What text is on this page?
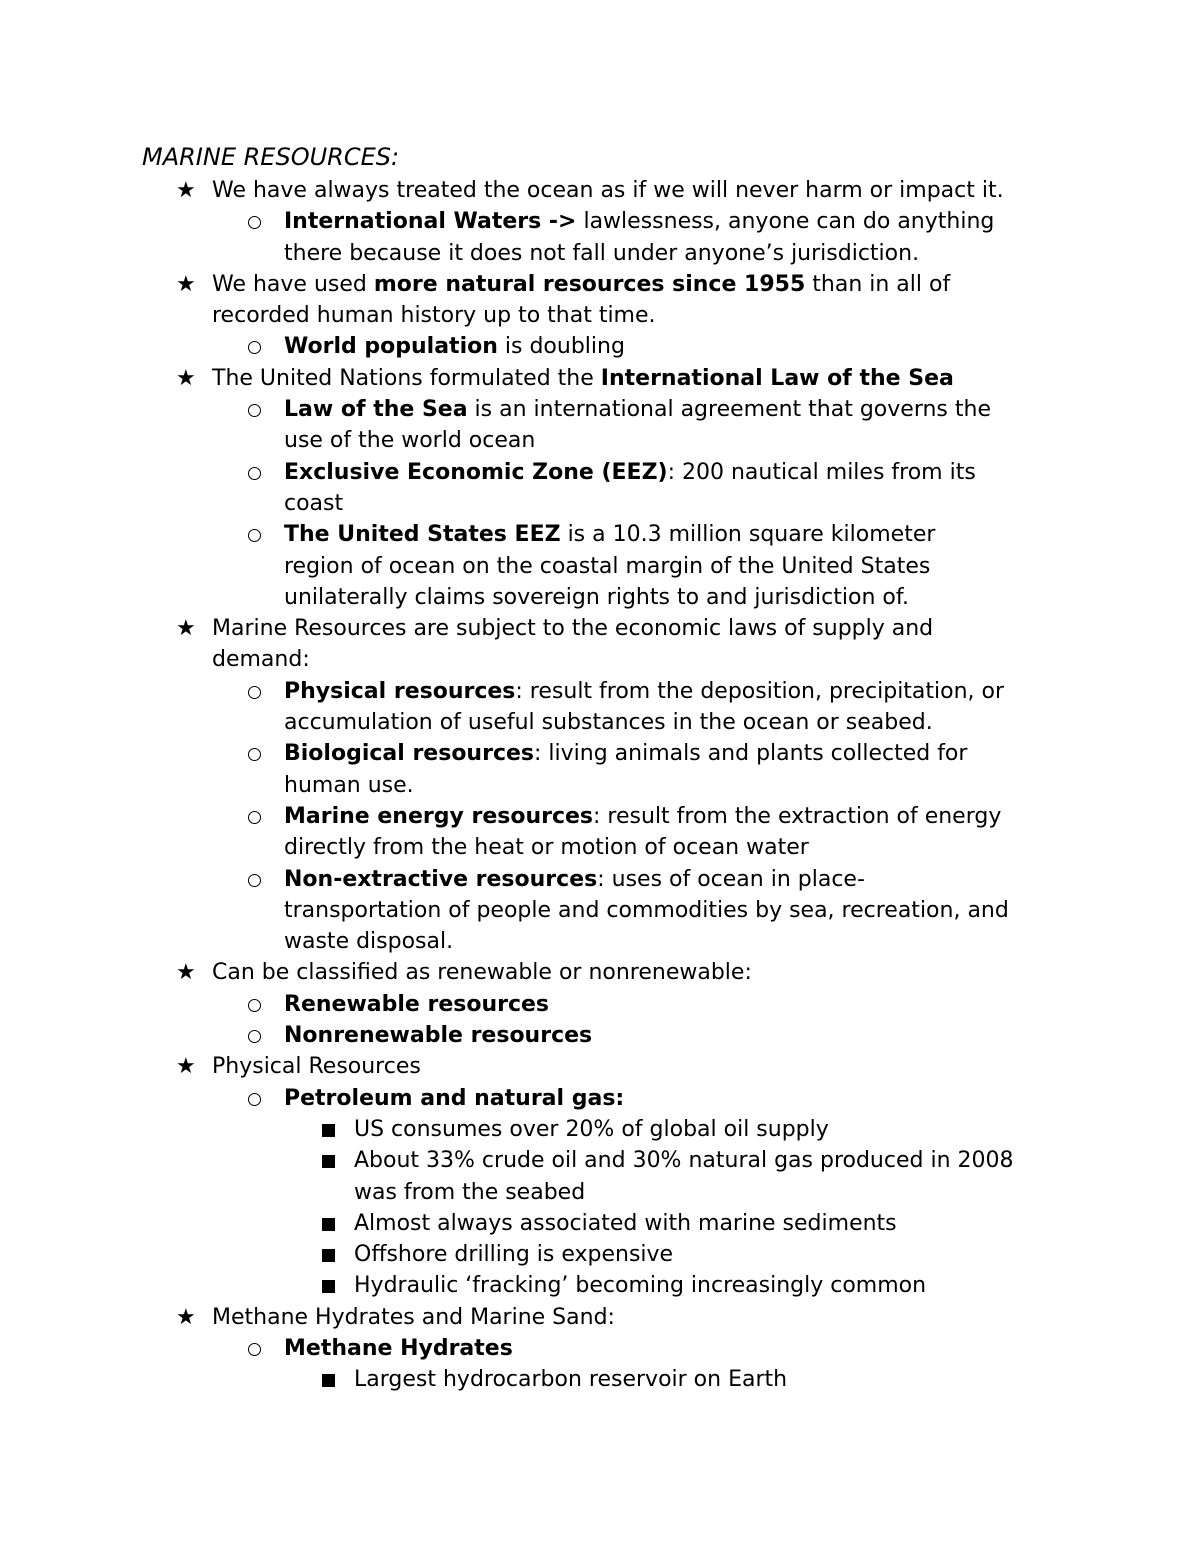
MARINE RESOURCES:
★ We have always treated the ocean as if we will never harm or impact it.
International Waters -> lawlessness, anyone can do anything
there because it does not fall under anyone’s jurisdiction.
★ We have used more natural resources since 1955 than in all of
recorded human history up to that time.
World population is doubling
★ The United Nations formulated the International Law of the Sea
Law of the Sea is an international agreement that governs the
use of the world ocean
Exclusive Economic Zone (EEZ): 200 nautical miles from its
coast
The United States EEZ is a 10.3 million square kilometer
region of ocean on the coastal margin of the United States
unilaterally claims sovereign rights to and jurisdiction of.
★ Marine Resources are subject to the economic laws of supply and
demand:
Physical resources: result from the deposition, precipitation, or
accumulation of useful substances in the ocean or seabed.
Biological resources: living animals and plants collected for
human use.
Marine energy resources: result from the extraction of energy
directly from the heat or motion of ocean water
Non-extractive resources: uses of ocean in place-
transportation of people and commodities by sea, recreation, and
waste disposal.
★ Can be classified as renewable or nonrenewable:
Renewable resources
Nonrenewable resources
★ Physical Resources
Petroleum and natural gas:
US consumes over 20% of global oil supply
About 33% crude oil and 30% natural gas produced in 2008
was from the seabed
Almost always associated with marine sediments
Offshore drilling is expensive
Hydraulic ‘fracking’ becoming increasingly common
★ Methane Hydrates and Marine Sand:
Methane Hydrates
Largest hydrocarbon reservoir on Earth
